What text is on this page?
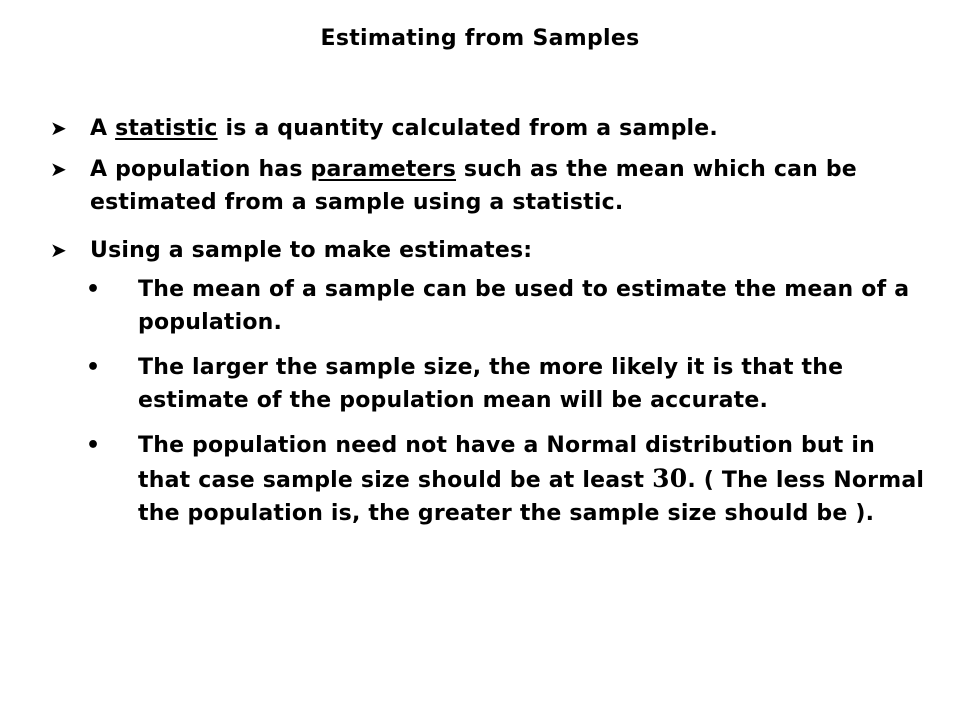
Estimating from Samples
➤ A statistic is a quantity calculated from a sample.
➤ A population has parameters such as the mean which can be estimated from a sample using a statistic.
➤ Using a sample to make estimates:
• The mean of a sample can be used to estimate the mean of a population.
• The larger the sample size, the more likely it is that the estimate of the population mean will be accurate.
• The population need not have a Normal distribution but in that case sample size should be at least 30. ( The less Normal the population is, the greater the sample size should be ).
